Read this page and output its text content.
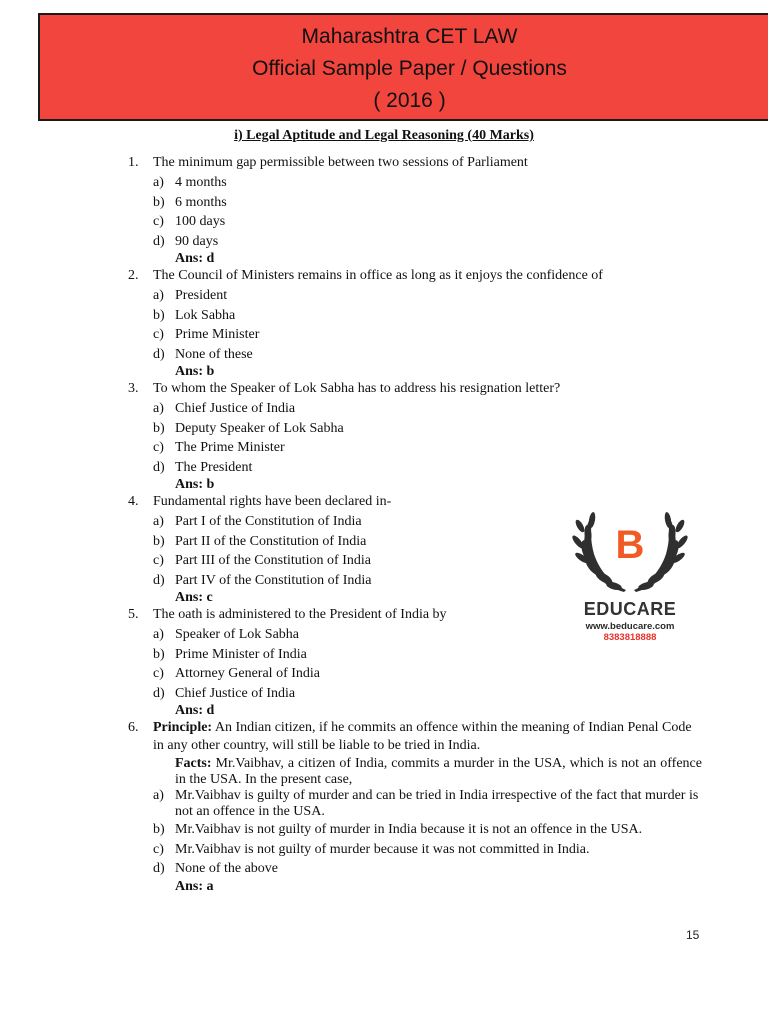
Maharashtra CET LAW
Official Sample Paper / Questions
( 2016 )
i) Legal Aptitude and Legal Reasoning (40 Marks)
1. The minimum gap permissible between two sessions of Parliament
a) 4 months
b) 6 months
c) 100 days
d) 90 days
Ans: d
2. The Council of Ministers remains in office as long as it enjoys the confidence of
a) President
b) Lok Sabha
c) Prime Minister
d) None of these
Ans: b
3. To whom the Speaker of Lok Sabha has to address his resignation letter?
a) Chief Justice of India
b) Deputy Speaker of Lok Sabha
c) The Prime Minister
d) The President
Ans: b
4. Fundamental rights have been declared in-
a) Part I of the Constitution of India
b) Part II of the Constitution of India
c) Part III of the Constitution of India
d) Part IV of the Constitution of India
Ans: c
5. The oath is administered to the President of India by
a) Speaker of Lok Sabha
b) Prime Minister of India
c) Attorney General of India
d) Chief Justice of India
Ans: d
6. Principle: An Indian citizen, if he commits an offence within the meaning of Indian Penal Code in any other country, will still be liable to be tried in India.
Facts: Mr.Vaibhav, a citizen of India, commits a murder in the USA, which is not an offence in the USA. In the present case,
a) Mr.Vaibhav is guilty of murder and can be tried in India irrespective of the fact that murder is not an offence in the USA.
b) Mr.Vaibhav is not guilty of murder in India because it is not an offence in the USA.
c) Mr.Vaibhav is not guilty of murder because it was not committed in India.
d) None of the above
Ans: a
B
EDUCARE
www.beducare.com
8383818888
15
